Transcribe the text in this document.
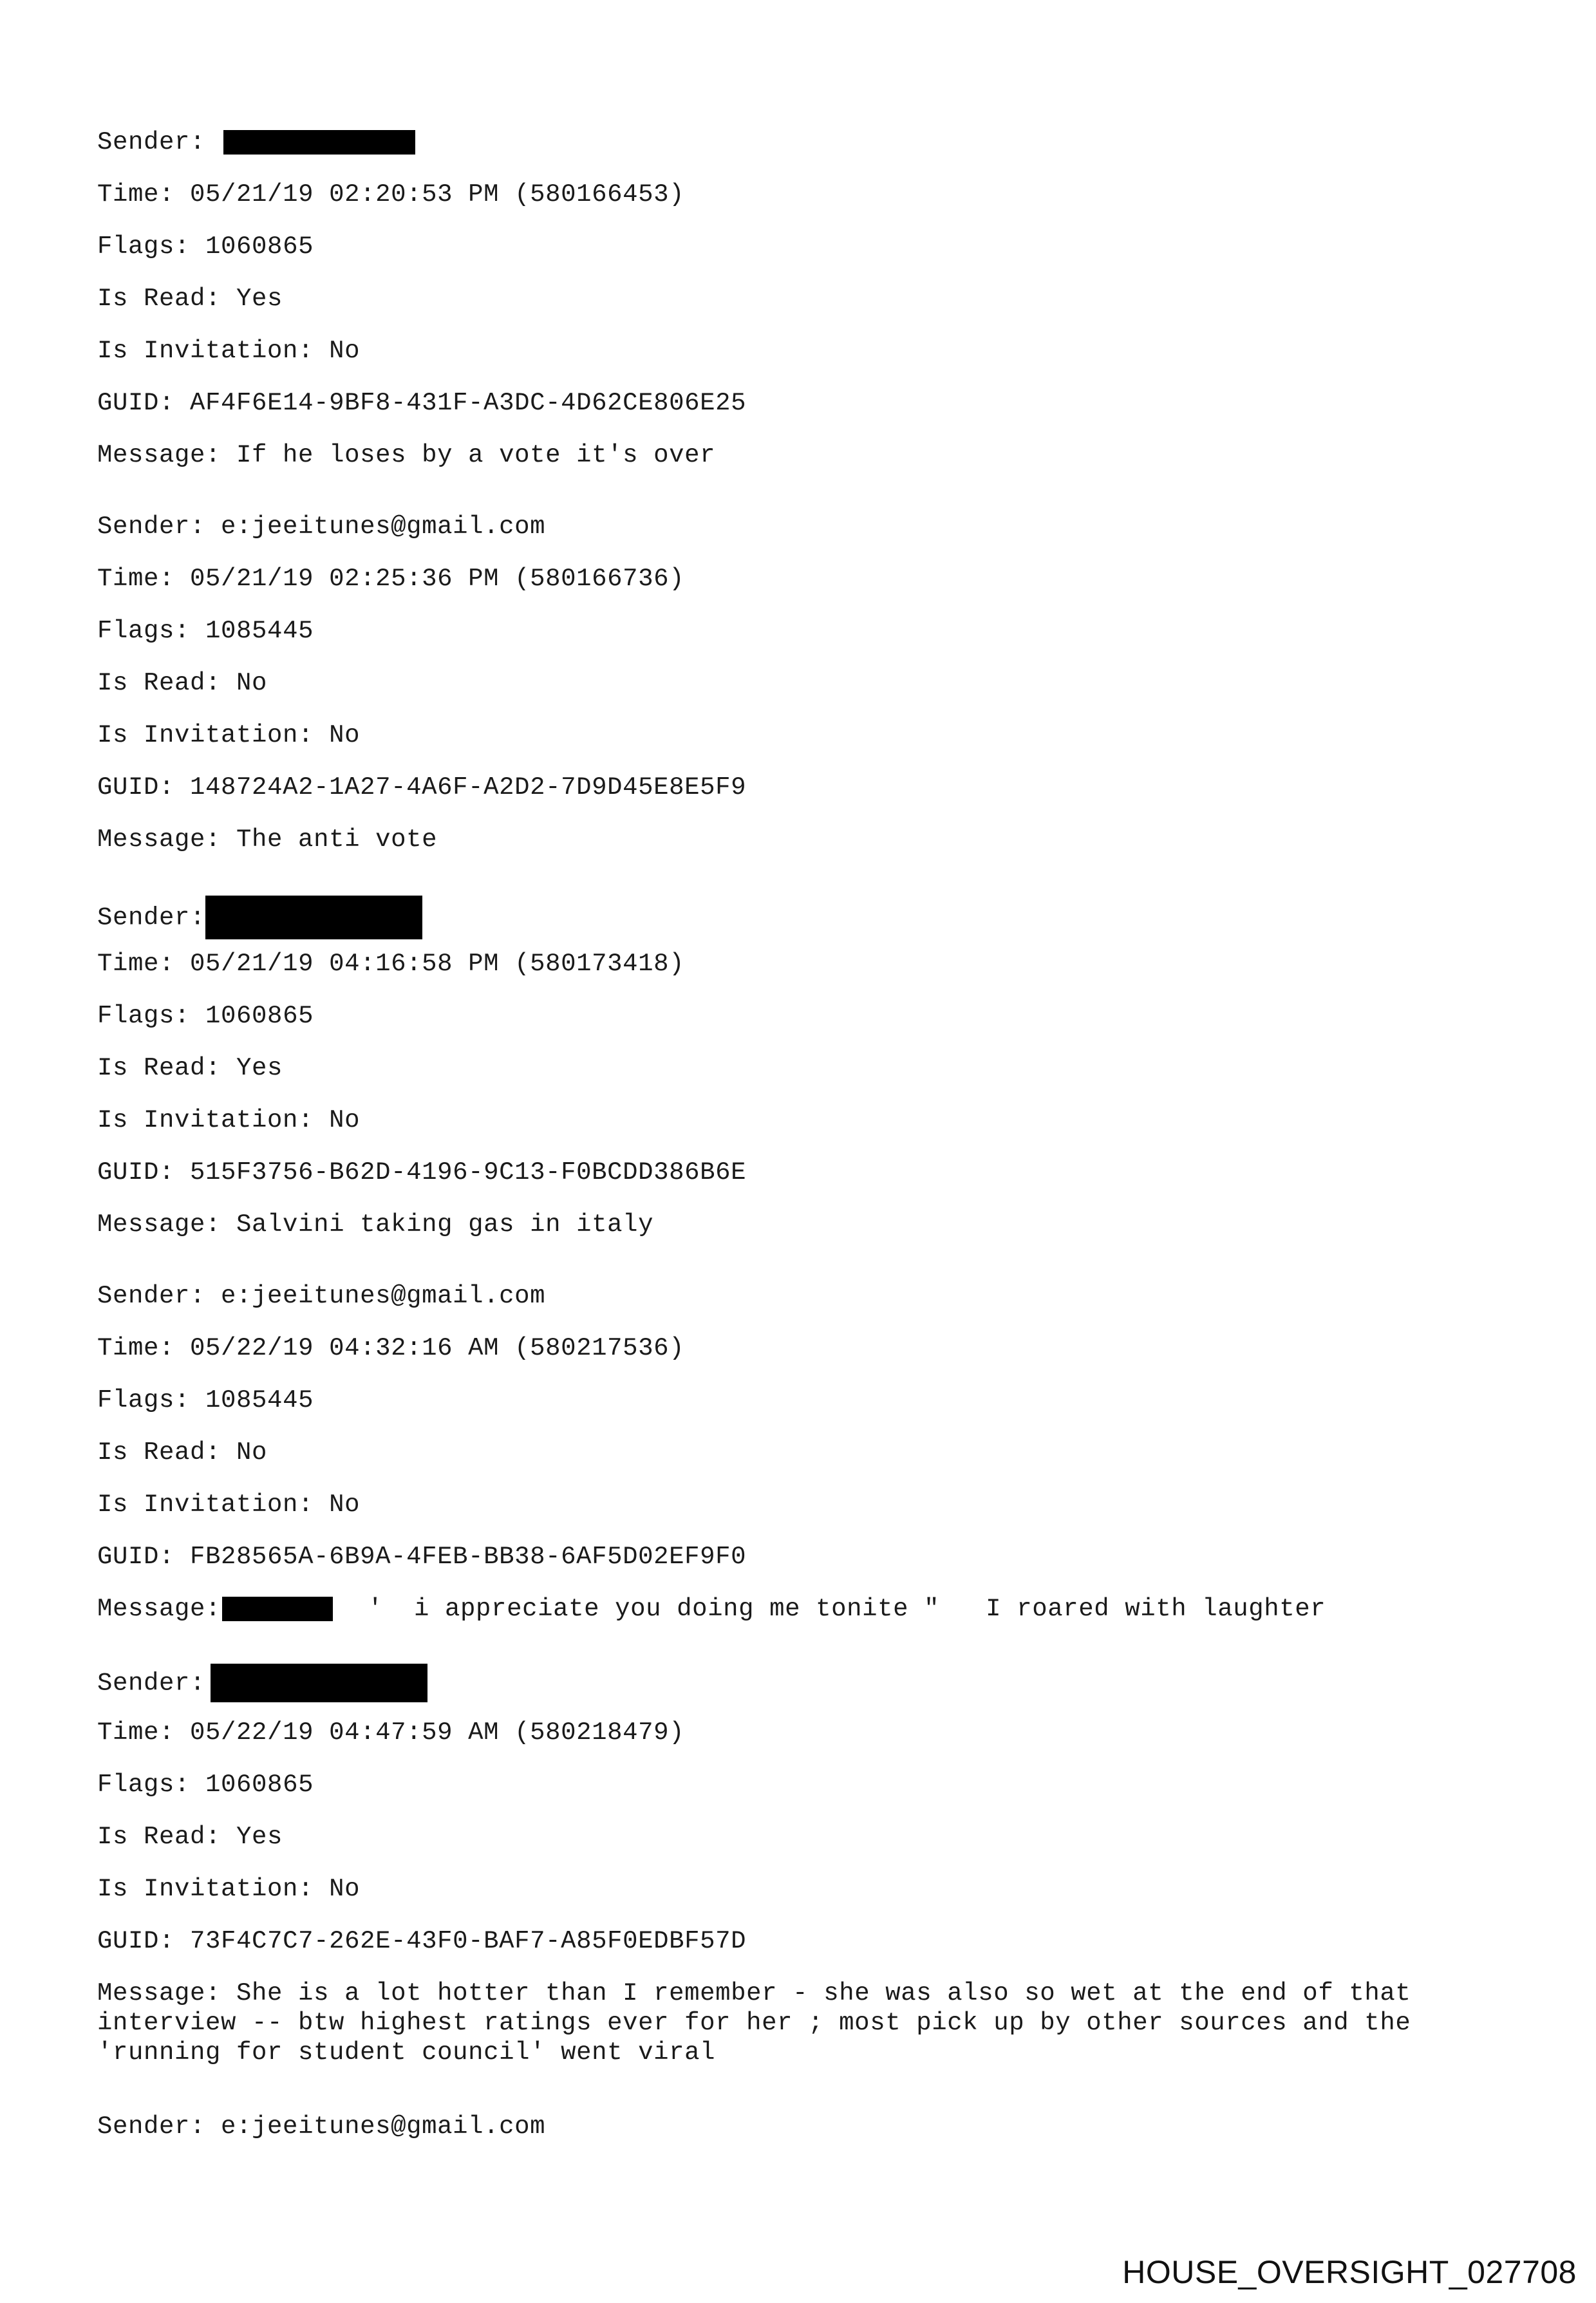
Sender:
Time: 05/21/19 02:20:53 PM (580166453)
Flags: 1060865
Is Read: Yes
Is Invitation: No
GUID: AF4F6E14-9BF8-431F-A3DC-4D62CE806E25
Message: If he loses by a vote it's over
Sender: e:jeeitunes@gmail.com
Time: 05/21/19 02:25:36 PM (580166736)
Flags: 1085445
Is Read: No
Is Invitation: No
GUID: 148724A2-1A27-4A6F-A2D2-7D9D45E8E5F9
Message: The anti vote
Sender:
Time: 05/21/19 04:16:58 PM (580173418)
Flags: 1060865
Is Read: Yes
Is Invitation: No
GUID: 515F3756-B62D-4196-9C13-F0BCDD386B6E
Message: Salvini taking gas in italy
Sender: e:jeeitunes@gmail.com
Time: 05/22/19 04:32:16 AM (580217536)
Flags: 1085445
Is Read: No
Is Invitation: No
GUID: FB28565A-6B9A-4FEB-BB38-6AF5D02EF9F0
Message:	'  i appreciate you doing me tonite "   I roared with laughter
Sender:
Time: 05/22/19 04:47:59 AM (580218479)
Flags: 1060865
Is Read: Yes
Is Invitation: No
GUID: 73F4C7C7-262E-43F0-BAF7-A85F0EDBF57D
Message: She is a lot hotter than I remember - she was also so wet at the end of that
interview -- btw highest ratings ever for her ; most pick up by other sources and the
'running for student council' went viral
Sender: e:jeeitunes@gmail.com
HOUSE_OVERSIGHT_027708
